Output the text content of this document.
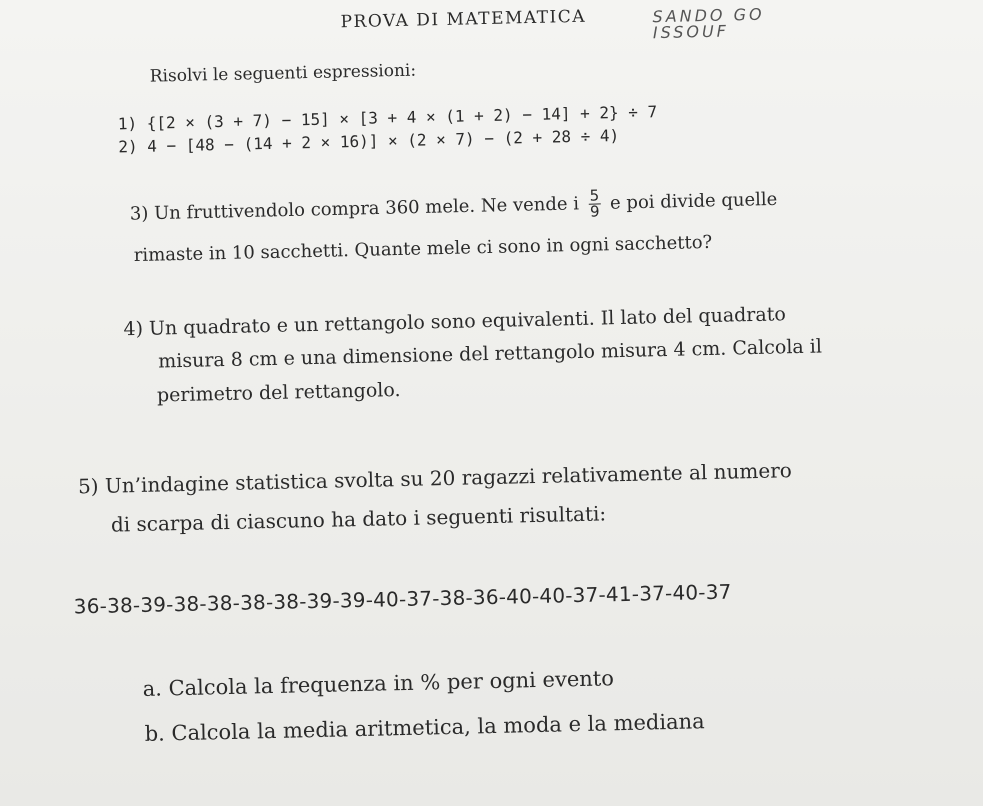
PROVA DI MATEMATICA	SANDO GO
ISSOUF
Risolvi le seguenti espressioni:
1) {[2 × (3 + 7) − 15] × [3 + 4 × (1 + 2) − 14] + 2} ÷ 7
2) 4 − [48 − (14 + 2 × 16)] × (2 × 7) − (2 + 28 ÷ 4)
3) Un fruttivendolo compra 360 mele. Ne vende i $\frac{5}{9}$ e poi divide quelle
rimaste in 10 sacchetti. Quante mele ci sono in ogni sacchetto?
4) Un quadrato e un rettangolo sono equivalenti. Il lato del quadrato
misura 8 cm e una dimensione del rettangolo misura 4 cm. Calcola il
perimetro del rettangolo.
5) Un’indagine statistica svolta su 20 ragazzi relativamente al numero
di scarpa di ciascuno ha dato i seguenti risultati:
36-38-39-38-38-38-38-39-39-40-37-38-36-40-40-37-41-37-40-37
a. Calcola la frequenza in % per ogni evento
b. Calcola la media aritmetica, la moda e la mediana
